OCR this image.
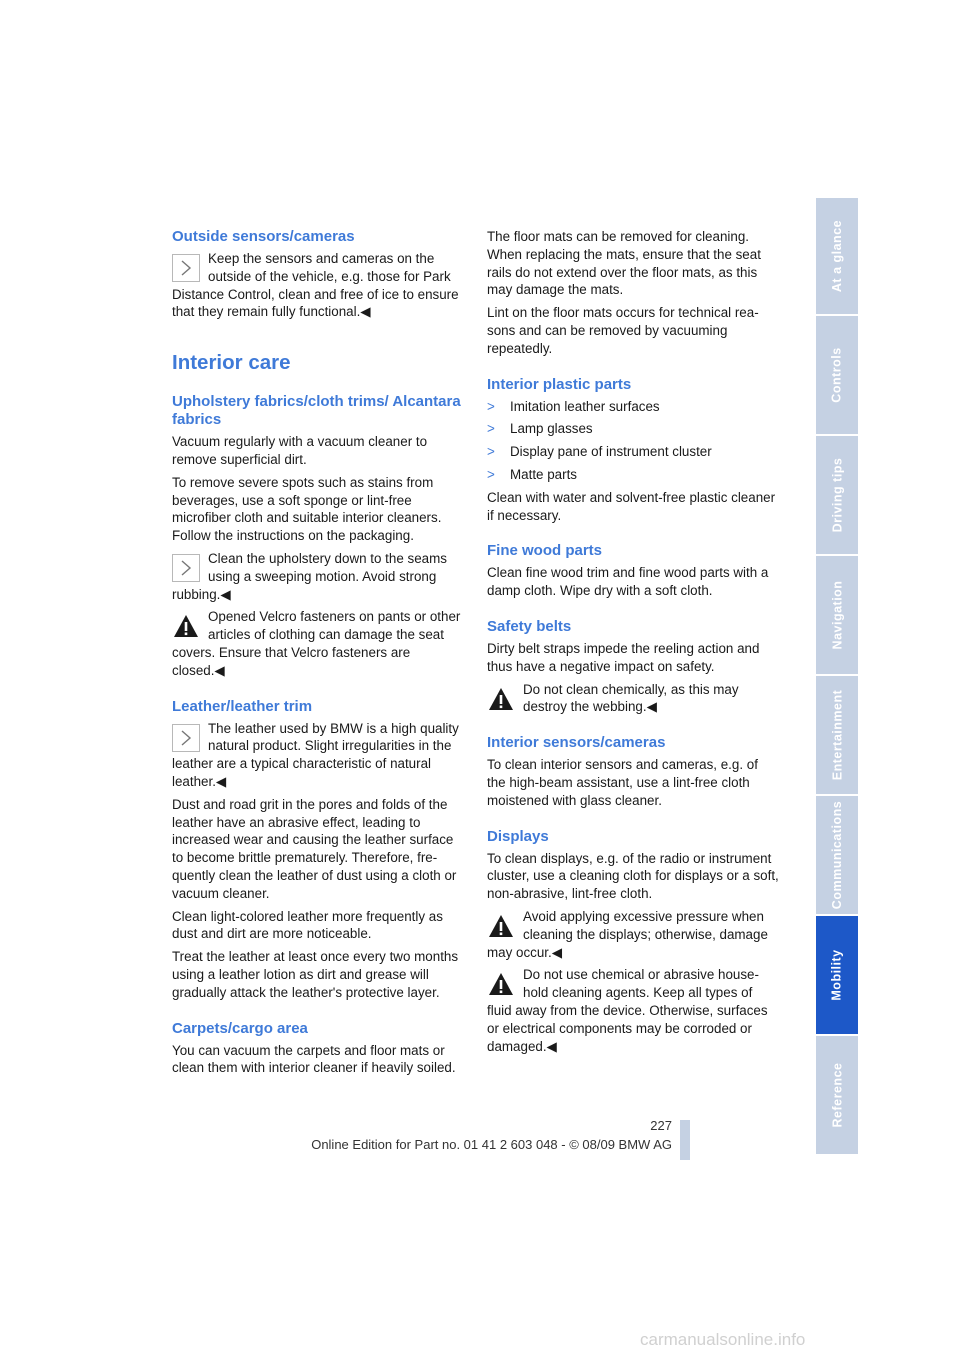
Outside sensors/cameras
Keep the sensors and cameras on the outside of the vehicle, e.g. those for Park Distance Control, clean and free of ice to ensure that they remain fully functional.◀
Interior care
Upholstery fabrics/cloth trims/ Alcantara fabrics

Vacuum regularly with a vacuum cleaner to remove superficial dirt.

To remove severe spots such as stains from beverages, use a soft sponge or lint-free microfiber cloth and suitable interior cleaners. Follow the instructions on the packaging.

Clean the upholstery down to the seams using a sweeping motion. Avoid strong rubbing.◀
Opened Velcro fasteners on pants or other articles of clothing can damage the seat covers. Ensure that Velcro fasteners are closed.◀
Leather/leather trim
The leather used by BMW is a high quality natural product. Slight irregularities in the leather are a typical characteristic of natural leather.◀

Dust and road grit in the pores and folds of the leather have an abrasive effect, leading to increased wear and causing the leather surface to become brittle prematurely. Therefore, fre-quently clean the leather of dust using a cloth or vacuum cleaner.

Clean light-colored leather more frequently as dust and dirt are more noticeable.

Treat the leather at least once every two months using a leather lotion as dirt and grease will gradually attack the leather's protective layer.

Carpets/cargo area

You can vacuum the carpets and floor mats or clean them with interior cleaner if heavily soiled.

The floor mats can be removed for cleaning. When replacing the mats, ensure that the seat rails do not extend over the floor mats, as this may damage the mats.

Lint on the floor mats occurs for technical rea-sons and can be removed by vacuuming repeatedly.

Interior plastic parts
> Imitation leather surfaces
> Lamp glasses
> Display pane of instrument cluster
> Matte parts

Clean with water and solvent-free plastic cleaner if necessary.

Fine wood parts

Clean fine wood trim and fine wood parts with a damp cloth. Wipe dry with a soft cloth.

Safety belts

Dirty belt straps impede the reeling action and thus have a negative impact on safety.

Do not clean chemically, as this may destroy the webbing.◀
Interior sensors/cameras

To clean interior sensors and cameras, e.g. of the high-beam assistant, use a lint-free cloth moistened with glass cleaner.

Displays

To clean displays, e.g. of the radio or instrument cluster, use a cleaning cloth for displays or a soft, non-abrasive, lint-free cloth.

Avoid applying excessive pressure when cleaning the displays; otherwise, damage may occur.◀
Do not use chemical or abrasive house-hold cleaning agents. Keep all types of fluid away from the device. Otherwise, surfaces or electrical components may be corroded or damaged.◀
At a glance
Controls
Driving tips
Navigation
Entertainment
Communications
Mobility
Reference
227
Online Edition for Part no. 01 41 2 603 048 - © 08/09 BMW AG
carmanualsonline.info
